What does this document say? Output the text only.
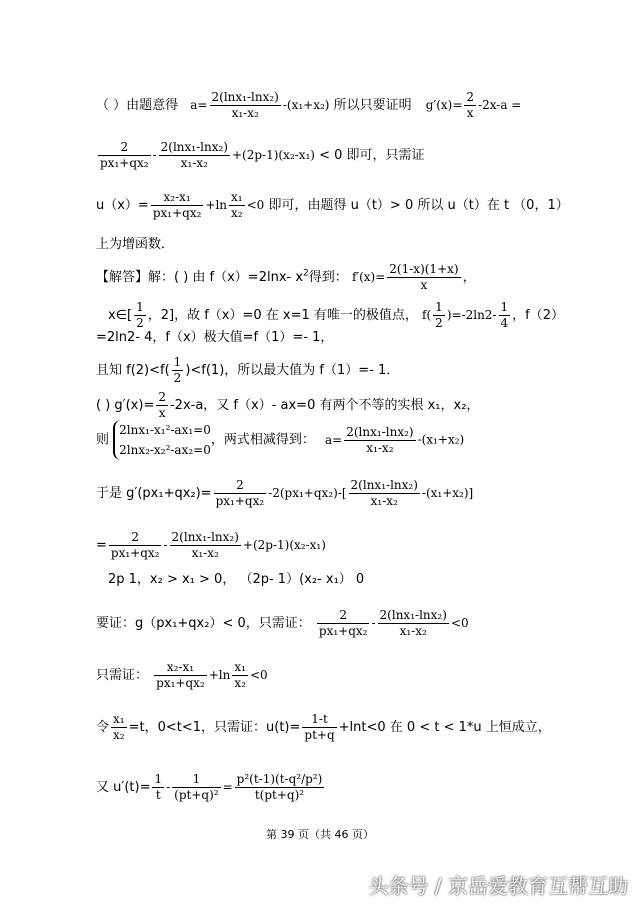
（ ）由题意得 $a= \frac{\text{2(lnx₁-lnx₂)}}{\text{x₁-x₂}} -(x_1+x_2)$ 所以只要证明 $g'(x)= \frac{2}{x} -2x-a$ =
$\frac{2}{\text{px₁+qx₂}} - \frac{\text{2(lnx₁-lnx₂)}}{\text{x₁-x₂}} +(2p-1)(x_2-x_1) < 0$ 即可，只需证
$u(x)= \frac{\text{x₂-x₁}}{\text{px₁+qx₂}} +\ln \frac{\text{x₁}}{\text{x₂}} <0$ 即可，由题得 u（t）> 0 所以 u（t）在 t （0，1）
上为增函数．
【解答】解：( ) 由 f（x）=2lnx- $x^2$得到： $f'(x)= \frac{2(1-x)(1+x)}{x}$ ，
x∈[ $\frac{1}{2}$ ，2]，故 f（x）=0 在 x=1 有唯一的极值点， $f( \frac{1}{2} )=-2\ln 2- \frac{1}{4}$ ，f（2）
=2ln2- 4，f（x）极大值=f（1）=- 1，
且知 $f(2)<f( \frac{1}{2} )<f(1)$，所以最大值为 f（1）=- 1．
( ) $g'(x)= \frac{2}{x} -2x-a$，又 f（x）- ax=0 有两个不等的实根 x₁，x₂，
则
2lnx₁-x₁²-ax₁=0
2lnx₂-x₂²-ax₂=0
，两式相减得到： $a= \frac{\text{2(lnx₁-lnx₂)}}{\text{x₁-x₂}} -(x_1+x_2)$
于是 $g'(px_1+qx_2)= \frac{2}{\text{px₁+qx₂}} -2(px_1+qx_2)-[ \frac{\text{2(lnx₁-lnx₂)}}{\text{x₁-x₂}} -(x_1+x_2)]$
= $\frac{2}{\text{px₁+qx₂}} - \frac{\text{2(lnx₁-lnx₂)}}{\text{x₁-x₂}} +(2p-1)(x_2-x_1)$
2p 1，x₂ > x₁ > 0， （2p- 1）(x₂- x₁） 0
要证：g（px₁+qx₂）< 0，只需证： $\frac{2}{\text{px₁+qx₂}} - \frac{\text{2(lnx₁-lnx₂)}}{\text{x₁-x₂}} <0$
只需证： $\frac{\text{x₂-x₁}}{\text{px₁+qx₂}} +\ln \frac{\text{x₁}}{\text{x₂}} <0$
令 $\frac{\text{x₁}}{\text{x₂}} =t$，0<t<1，只需证：$u(t)= \frac{1-t}{pt+q} +\ln t<0$ 在 0 < t < 1*u 上恒成立，
又 $u'(t)= \frac{1}{t} - \frac{1}{\text{(pt+q)²}} = \frac{\text{p²(t-1)(t-q²/p²)}}{\text{t(pt+q)²}}$
第 39 页（共 46 页）
头条号 / 京岳爱教育互帮互助
